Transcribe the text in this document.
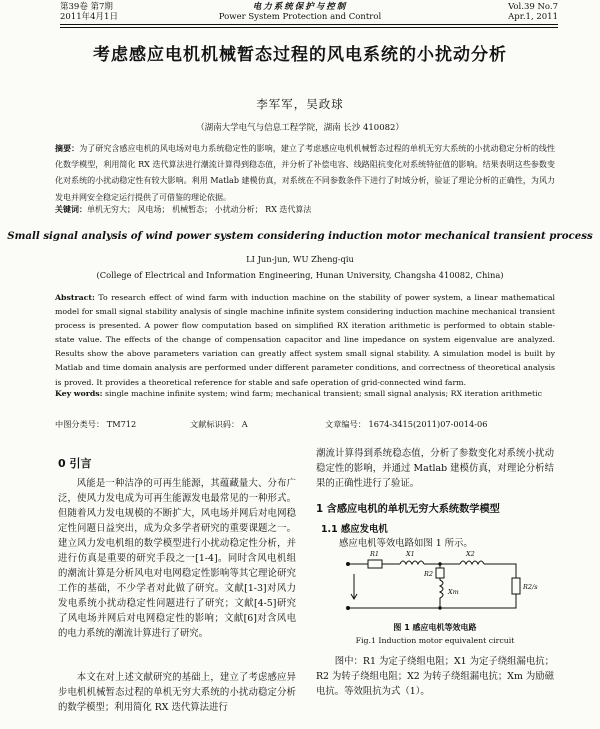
第39卷 第7期
2011年4月1日
电力系统保护与控制
Power System Protection and Control
Vol.39 No.7
Apr.1, 2011
考虑感应电机机械暂态过程的风电系统的小扰动分析
李军军，吴政球
（湖南大学电气与信息工程学院，湖南 长沙 410082）
摘要：为了研究含感应电机的风电场对电力系统稳定性的影响，建立了考虑感应电机机械暂态过程的单机无穷大系统的小扰动稳定分析的线性化数学模型，利用简化 RX 迭代算法进行潮流计算得到稳态值，并分析了补偿电容、线路阻抗变化对系统特征值的影响。结果表明这些参数变化对系统的小扰动稳定性有较大影响。利用 Matlab 建模仿真，对系统在不同参数条件下进行了时域分析，验证了理论分析的正确性，为风力发电并网安全稳定运行提供了可借鉴的理论依据。
关键词：单机无穷大； 风电场； 机械暂态； 小扰动分析； RX 迭代算法
Small signal analysis of wind power system considering induction motor mechanical transient process
LI Jun-jun, WU Zheng-qiu
(College of Electrical and Information Engineering, Hunan University, Changsha 410082, China)
Abstract: To research effect of wind farm with induction machine on the stability of power system, a linear mathematical model for small signal stability analysis of single machine infinite system considering induction machine mechanical transient process is presented. A power flow computation based on simplified RX iteration arithmetic is performed to obtain stable-state value. The effects of the change of compensation capacitor and line impedance on system eigenvalue are analyzed. Results show the above parameters variation can greatly affect system small signal stability. A simulation model is built by Matlab and time domain analysis are performed under different parameter conditions, and correctness of theoretical analysis is proved. It provides a theoretical reference for stable and safe operation of grid-connected wind farm.
Key words: single machine infinite system; wind farm; mechanical transient; small signal analysis; RX iteration arithmetic
中图分类号： TM712	文献标识码： A	文章编号： 1674-3415(2011)07-0014-06
0 引言
风能是一种洁净的可再生能源，其蕴藏量大、分布广泛，使风力发电成为可再生能源发电最常见的一种形式。但随着风力发电规模的不断扩大，风电场并网后对电网稳定性问题日益突出，成为众多学者研究的重要课题之一。建立风力发电机组的数学模型进行小扰动稳定性分析，并进行仿真是重要的研究手段之一[1-4]。同时含风电机组的潮流计算是分析风电对电网稳定性影响等其它理论研究工作的基础，不少学者对此做了研究。文献[1-3]对风力发电系统小扰动稳定性问题进行了研究；文献[4-5]研究了风电场并网后对电网稳定性的影响；文献[6]对含风电的电力系统的潮流计算进行了研究。
本文在对上述文献研究的基础上，建立了考虑感应异步电机机械暂态过程的单机无穷大系统的小扰动稳定分析的数学模型；利用简化 RX 迭代算法进行
潮流计算得到系统稳态值，分析了参数变化对系统小扰动稳定性的影响，并通过 Matlab 建模仿真，对理论分析结果的正确性进行了验证。
1 含感应电机的单机无穷大系统数学模型
1.1 感应发电机
感应电机等效电路如图 1 所示。
R1	X1
R2
Xm
X2
R2/s
图 1 感应电机等效电路
Fig.1 Induction motor equivalent circuit
图中：R1 为定子绕组电阻；X1 为定子绕组漏电抗；R2 为转子绕组电阻；X2 为转子绕组漏电抗；Xm 为励磁电抗。等效阻抗为式（1）。
